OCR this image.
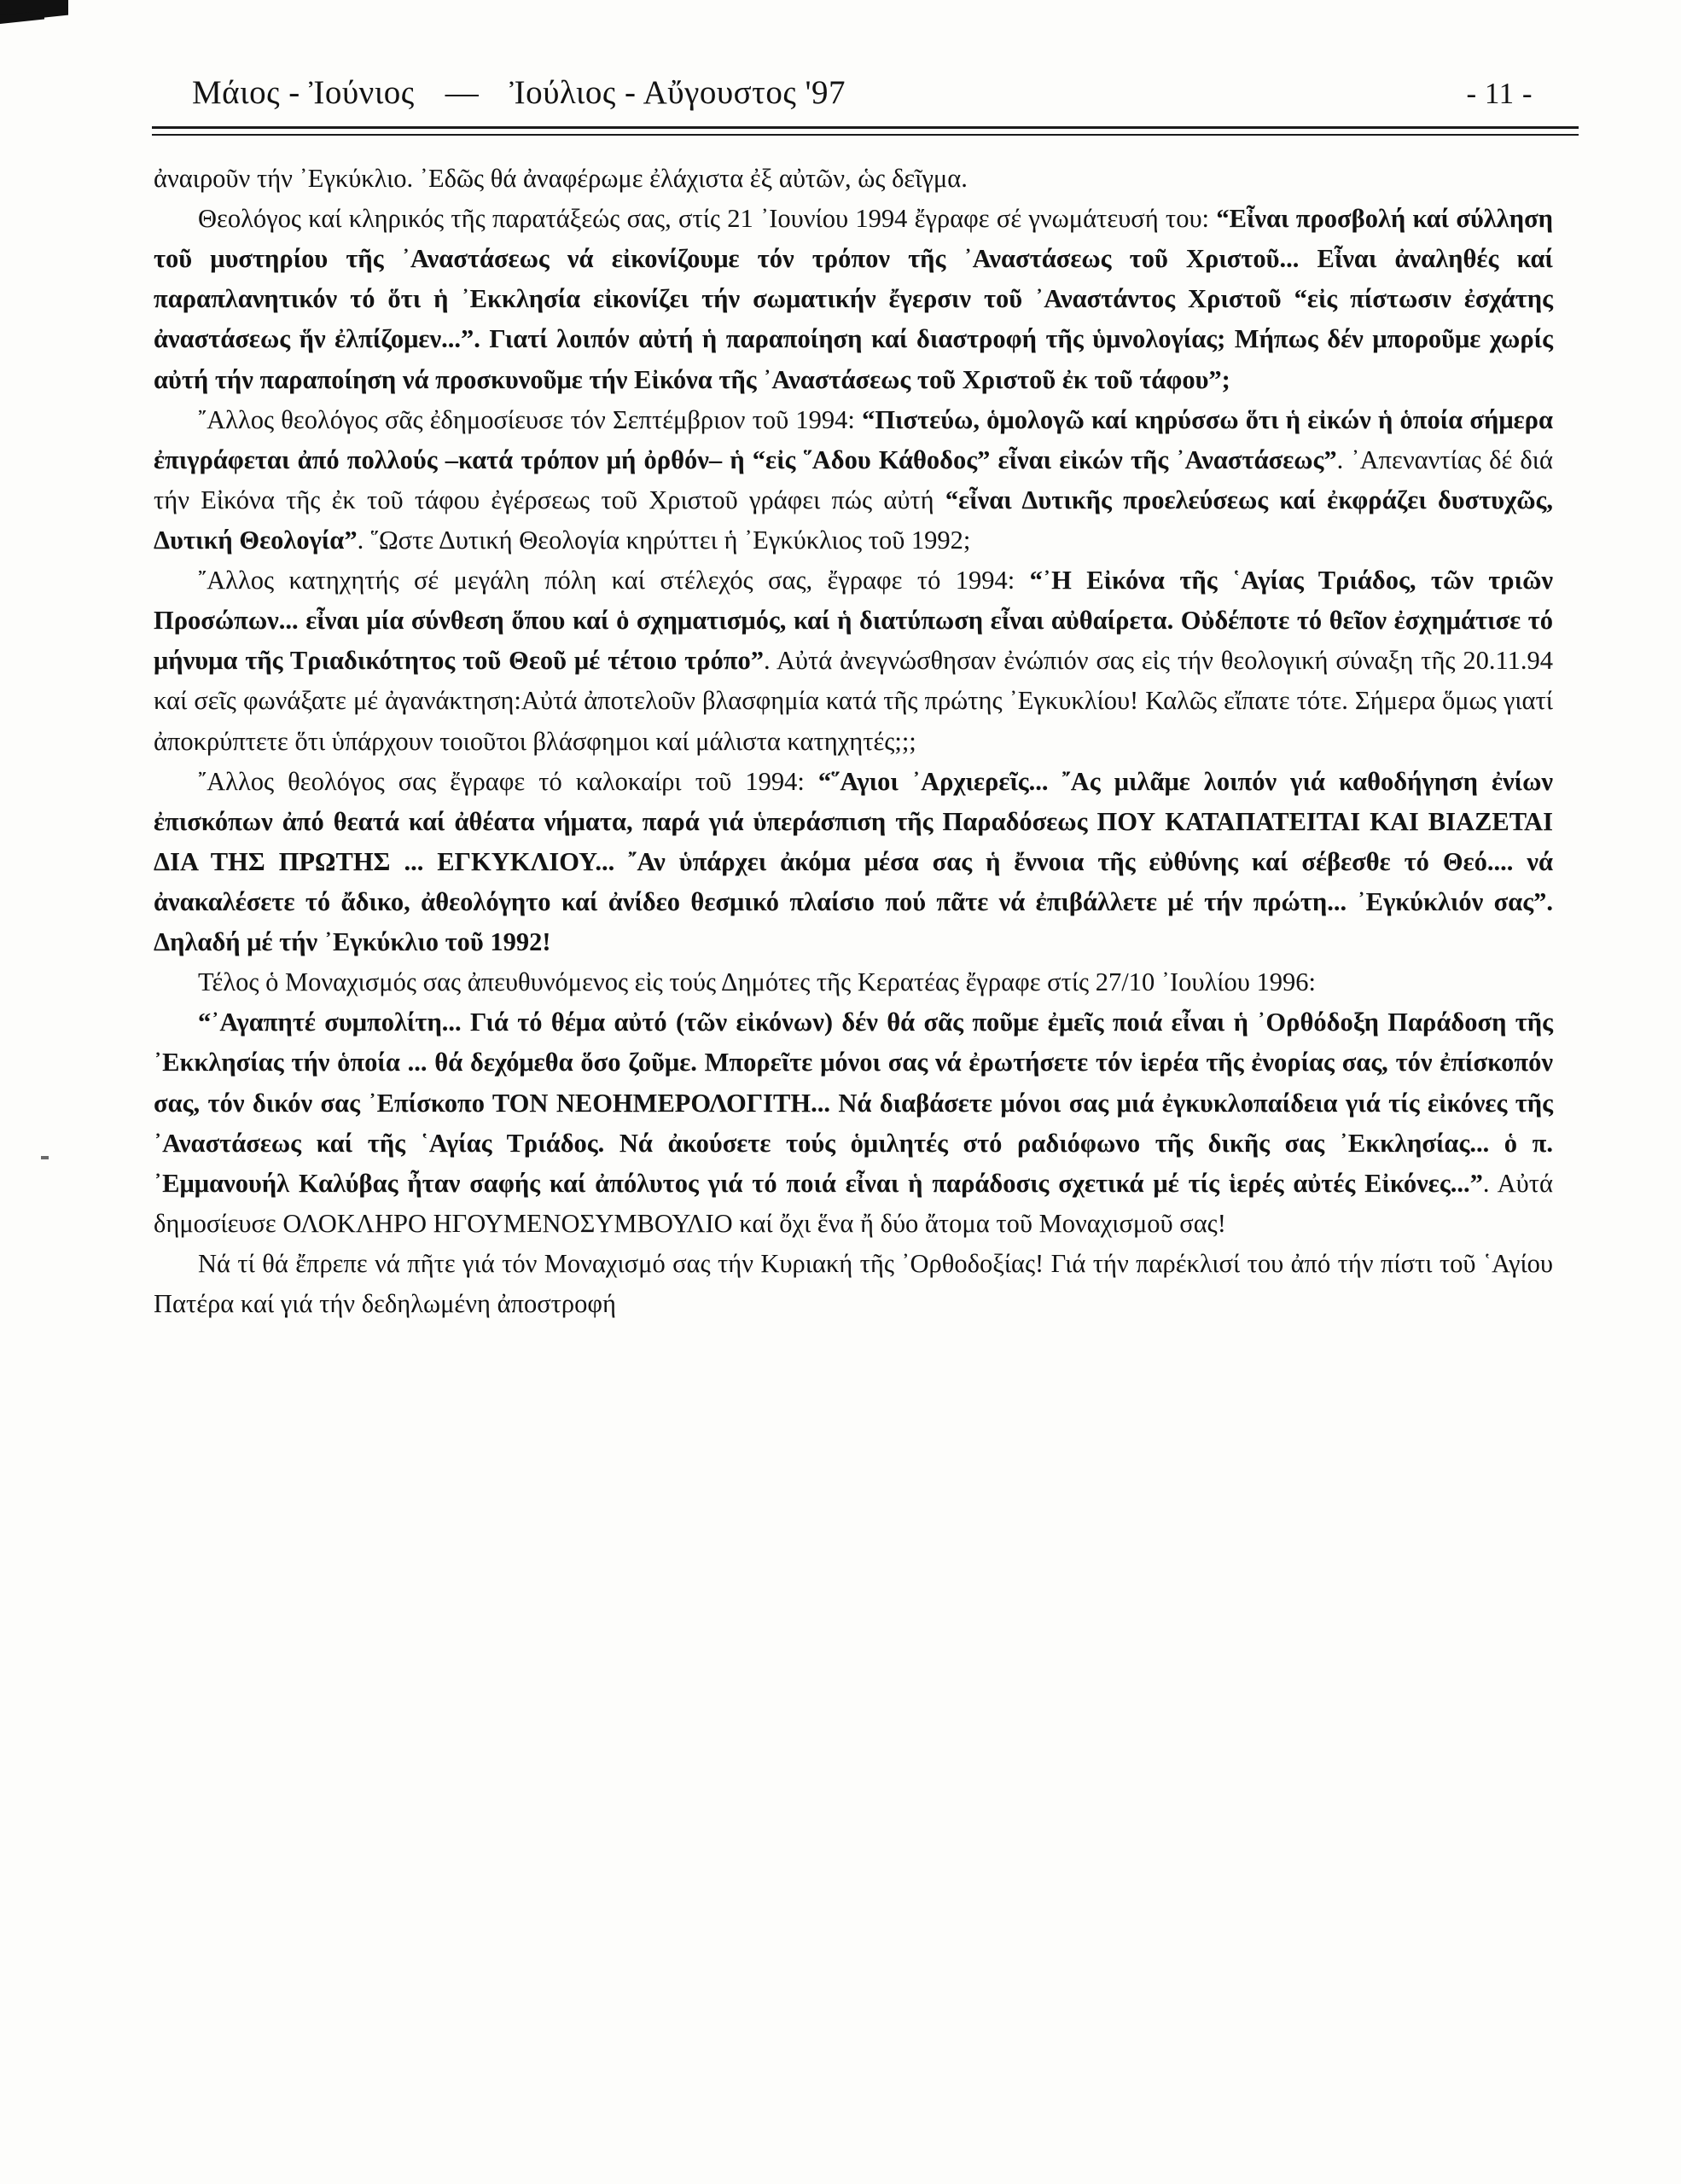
Μάιος - Ἰούνιος — Ἰούλιος - Αὔγουστος '97	- 11 -

ἀναιροῦν τήν ᾿Εγκύκλιο. ᾿Εδῶς θά ἀναφέρωμε ἐλάχιστα ἐξ αὐτῶν, ὡς δεῖγμα.

Θεολόγος καί κληρικός τῆς παρατάξεώς σας, στίς 21 ᾿Ιουνίου 1994 ἔγραφε σέ γνωμάτευσή του: “Εἶναι προσβολή καί σύλληση τοῦ μυστηρίου τῆς ᾿Αναστάσεως νά εἰκονίζουμε τόν τρόπον τῆς ᾿Αναστάσεως τοῦ Χριστοῦ... Εἶναι ἀναληθές καί παραπλανητικόν τό ὅτι ἡ ᾿Εκκλησία εἰκονίζει τήν σωματικήν ἔγερσιν τοῦ ᾿Αναστάντος Χριστοῦ “εἰς πίστωσιν ἐσχάτης ἀναστάσεως ἥν ἐλπίζομεν...”. Γιατί λοιπόν αὐτή ἡ παραποίηση καί διαστροφή τῆς ὑμνολογίας; Μήπως δέν μποροῦμε χωρίς αὐτή τήν παραποίηση νά προσκυνοῦμε τήν Εἰκόνα τῆς ᾿Αναστάσεως τοῦ Χριστοῦ ἐκ τοῦ τάφου”;

῎Αλλος θεολόγος σᾶς ἐδημοσίευσε τόν Σεπτέμβριον τοῦ 1994: “Πιστεύω, ὁμολογῶ καί κηρύσσω ὅτι ἡ εἰκών ἡ ὁποία σήμερα ἐπιγράφεται ἀπό πολλούς –κατά τρόπον μή ὀρθόν– ἡ “εἰς ῞Αδου Κάθοδος” εἶναι εἰκών τῆς ᾿Αναστάσεως”. ᾿Απεναντίας δέ διά τήν Εἰκόνα τῆς ἐκ τοῦ τάφου ἐγέρσεως τοῦ Χριστοῦ γράφει πώς αὐτή “εἶναι Δυτικῆς προελεύσεως καί ἐκφράζει δυστυχῶς, Δυτική Θεολογία”. ῞Ωστε Δυτική Θεολογία κηρύττει ἡ ᾿Εγκύκλιος τοῦ 1992;

῎Αλλος κατηχητής σέ μεγάλη πόλη καί στέλεχός σας, ἔγραφε τό 1994: “᾿Η Εἰκόνα τῆς ῾Αγίας Τριάδος, τῶν τριῶν Προσώπων... εἶναι μία σύνθεση ὅπου καί ὁ σχηματισμός, καί ἡ διατύπωση εἶναι αὐθαίρετα. Οὐδέποτε τό θεῖον ἐσχημάτισε τό μήνυμα τῆς Τριαδικότητος τοῦ Θεοῦ μέ τέτοιο τρόπο”. Αὐτά ἀνεγνώσθησαν ἐνώπιόν σας εἰς τήν θεολογική σύναξη τῆς 20.11.94 καί σεῖς φωνάξατε μέ ἀγανάκτηση:Αὐτά ἀποτελοῦν βλασφημία κατά τῆς πρώτης ᾿Εγκυκλίου! Καλῶς εἴπατε τότε. Σήμερα ὅμως γιατί ἀποκρύπτετε ὅτι ὑπάρχουν τοιοῦτοι βλάσφημοι καί μάλιστα κατηχητές;;;

῎Αλλος θεολόγος σας ἔγραφε τό καλοκαίρι τοῦ 1994: “῞Αγιοι ᾿Αρχιερεῖς... ῎Ας μιλᾶμε λοιπόν γιά καθοδήγηση ἐνίων ἐπισκόπων ἀπό θεατά καί ἀθέατα νήματα, παρά γιά ὑπεράσπιση τῆς Παραδόσεως ΠΟΥ ΚΑΤΑΠΑΤΕΙΤΑΙ ΚΑΙ ΒΙΑΖΕΤΑΙ ΔΙΑ ΤΗΣ ΠΡΩΤΗΣ ... ΕΓΚΥΚΛΙΟΥ... ῎Αν ὑπάρχει ἀκόμα μέσα σας ἡ ἔννοια τῆς εὐθύνης καί σέβεσθε τό Θεό.... νά ἀνακαλέσετε τό ἄδικο, ἀθεολόγητο καί ἀνίδεο θεσμικό πλαίσιο πού πᾶτε νά ἐπιβάλλετε μέ τήν πρώτη... ᾿Εγκύκλιόν σας”. Δηλαδή μέ τήν ᾿Εγκύκλιο τοῦ 1992!

Τέλος ὁ Μοναχισμός σας ἀπευθυνόμενος εἰς τούς Δημότες τῆς Κερατέας ἔγραφε στίς 27/10 ᾿Ιουλίου 1996:

“᾿Αγαπητέ συμπολίτη... Γιά τό θέμα αὐτό (τῶν εἰκόνων) δέν θά σᾶς ποῦμε ἐμεῖς ποιά εἶναι ἡ ᾿Ορθόδοξη Παράδοση τῆς ᾿Εκκλησίας τήν ὁποία ... θά δεχόμεθα ὅσο ζοῦμε. Μπορεῖτε μόνοι σας νά ἐρωτήσετε τόν ἱερέα τῆς ἐνορίας σας, τόν ἐπίσκοπόν σας, τόν δικόν σας ᾿Επίσκοπο ΤΟΝ ΝΕΟΗΜΕΡΟΛΟΓΙΤΗ... Νά διαβάσετε μόνοι σας μιά ἐγκυκλοπαίδεια γιά τίς εἰκόνες τῆς ᾿Αναστάσεως καί τῆς ῾Αγίας Τριάδος. Νά ἀκούσετε τούς ὁμιλητές στό ραδιόφωνο τῆς δικῆς σας ᾿Εκκλησίας... ὁ π. ᾿Εμμανουήλ Καλύβας ἦταν σαφής καί ἀπόλυτος γιά τό ποιά εἶναι ἡ παράδοσις σχετικά μέ τίς ἱερές αὐτές Εἰκόνες...”. Αὐτά δημοσίευσε ΟΛΟΚΛΗΡΟ ΗΓΟΥΜΕΝΟΣΥΜΒΟΥΛΙΟ καί ὄχι ἕνα ἤ δύο ἄτομα τοῦ Μοναχισμοῦ σας!

Νά τί θά ἔπρεπε νά πῆτε γιά τόν Μοναχισμό σας τήν Κυριακή τῆς ᾿Ορθοδοξίας! Γιά τήν παρέκλισί του ἀπό τήν πίστι τοῦ ῾Αγίου Πατέρα καί γιά τήν δεδηλωμένη ἀποστροφή
